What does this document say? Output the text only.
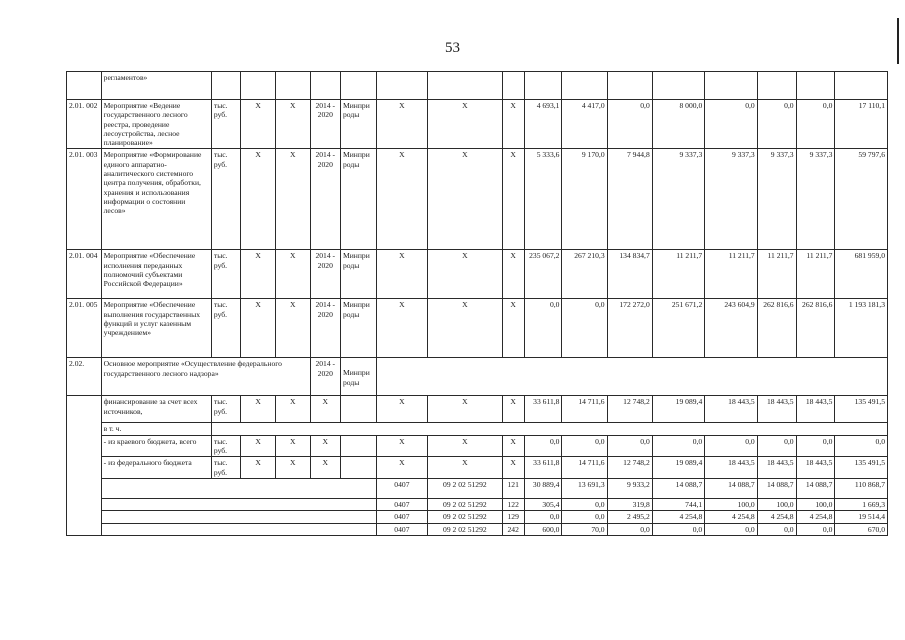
53
	регламентов»																
2.01. 002	Мероприятие «Ведение государственного лесного реестра, проведение лесоустройства, лесное планирование»	тыс. руб.	Х	Х	2014 - 2020	Минпри роды	Х	Х	Х	4 693,1	4 417,0	0,0	8 000,0	0,0	0,0	0,0	17 110,1
2.01. 003	Мероприятие «Формирование единого аппаратно- аналитического системного центра получения, обработки, хранения и использования информации о состоянии лесов»	тыс. руб.	Х	Х	2014 - 2020	Минпри роды	Х	Х	Х	5 333,6	9 170,0	7 944,8	9 337,3	9 337,3	9 337,3	9 337,3	59 797,6
2.01. 004	Мероприятие «Обеспечение исполнения переданных полномочий субъектами Российской Федерации»	тыс. руб.	Х	Х	2014 - 2020	Минпри роды	Х	Х	Х	235 067,2	267 210,3	134 834,7	11 211,7	11 211,7	11 211,7	11 211,7	681 959,0
2.01. 005	Мероприятие «Обеспечение выполнения государственных функций и услуг казенным учреждением»	тыс. руб.	Х	Х	2014 - 2020	Минпри роды	Х	Х	Х	0,0	0,0	172 272,0	251 671,2	243 604,9	262 816,6	262 816,6	1 193 181,3
2.02.	Основное мероприятие «Осуществление федерального государственного лесного надзора»				2014 - 2020	Минпри роды											
	финансирование за счет всех источников,	тыс. руб.	Х	Х	Х		Х	Х	Х	33 611,8	14 711,6	12 748,2	19 089,4	18 443,5	18 443,5	18 443,5	135 491,5
	в т. ч.																
	- из краевого бюджета, всего	тыс. руб.	Х	Х	Х		Х	Х	Х	0,0	0,0	0,0	0,0	0,0	0,0	0,0	0,0
	- из федерального бюджета	тыс. руб.	Х	Х	Х		Х	Х	Х	33 611,8	14 711,6	12 748,2	19 089,4	18 443,5	18 443,5	18 443,5	135 491,5
							0407	09 2 02 51292	121	30 889,4	13 691,3	9 933,2	14 088,7	14 088,7	14 088,7	14 088,7	110 868,7
							0407	09 2 02 51292	122	305,4	0,0	319,8	744,1	100,0	100,0	100,0	1 669,3
							0407	09 2 02 51292	129	0,0	0,0	2 495,2	4 254,8	4 254,8	4 254,8	4 254,8	19 514,4
							0407	09 2 02 51292	242	600,0	70,0	0,0	0,0	0,0	0,0	0,0	670,0
